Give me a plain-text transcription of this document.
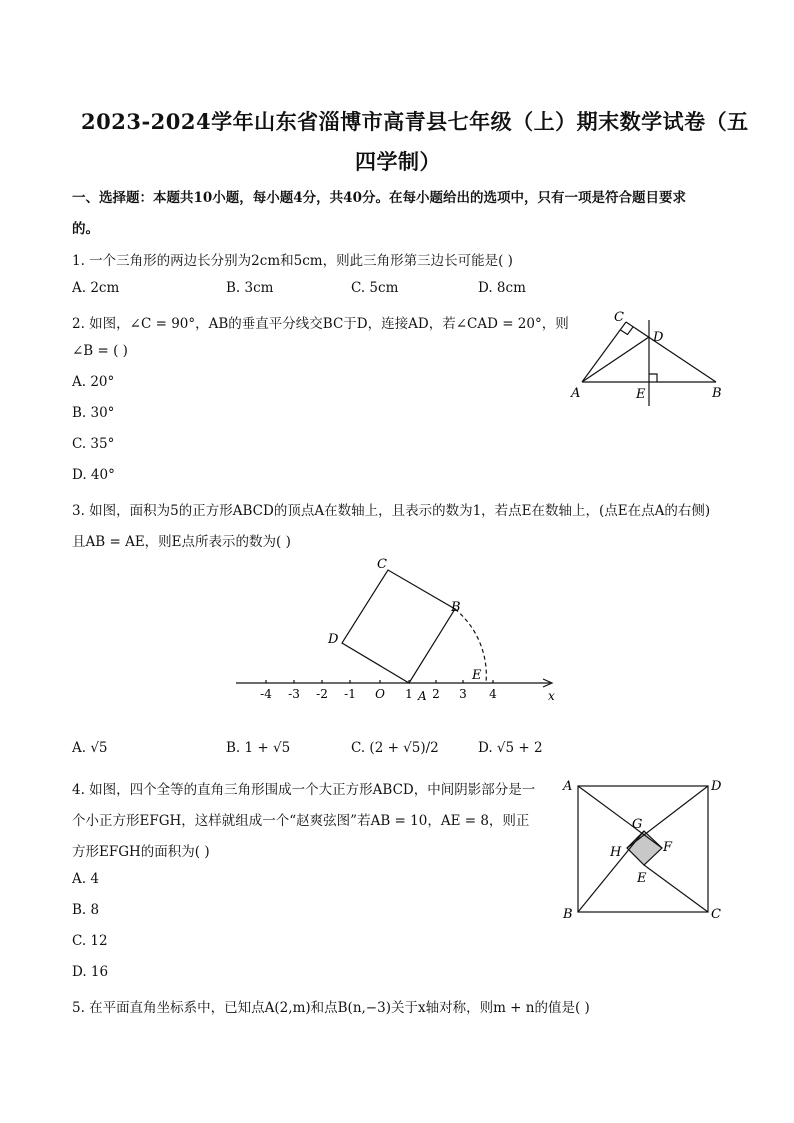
2023-2024学年山东省淄博市高青县七年级（上）期末数学试卷（五
四学制）
一、选择题：本题共10小题，每小题4分，共40分。在每小题给出的选项中，只有一项是符合题目要求
的。
1. 一个三角形的两边长分别为2cm和5cm，则此三角形第三边长可能是( )
A. 2cm	B. 3cm	C. 5cm	D. 8cm
2. 如图，∠C = 90°，AB的垂直平分线交BC于D，连接AD，若∠CAD = 20°，则
∠B = ( )
A. 20°
B. 30°
C. 35°
D. 40°
C
D
A	E	B
3. 如图，面积为5的正方形ABCD的顶点A在数轴上，且表示的数为1，若点E在数轴上，(点E在点A的右侧)
且AB = AE，则E点所表示的数为( )
C
B
D
E
x
-4 -3 -2 -1 O 1 2 3 4
A
A. √5	B. 1 + √5	C. (2 + √5)/2	D. √5 + 2
4. 如图，四个全等的直角三角形围成一个大正方形ABCD，中间阴影部分是一
个小正方形EFGH，这样就组成一个“赵爽弦图”若AB = 10，AE = 8，则正
方形EFGH的面积为( )
A. 4
B. 8
C. 12
D. 16
A	D
G
H	F
E
B	C
5. 在平面直角坐标系中，已知点A(2,m)和点B(n,−3)关于x轴对称，则m + n的值是( )
